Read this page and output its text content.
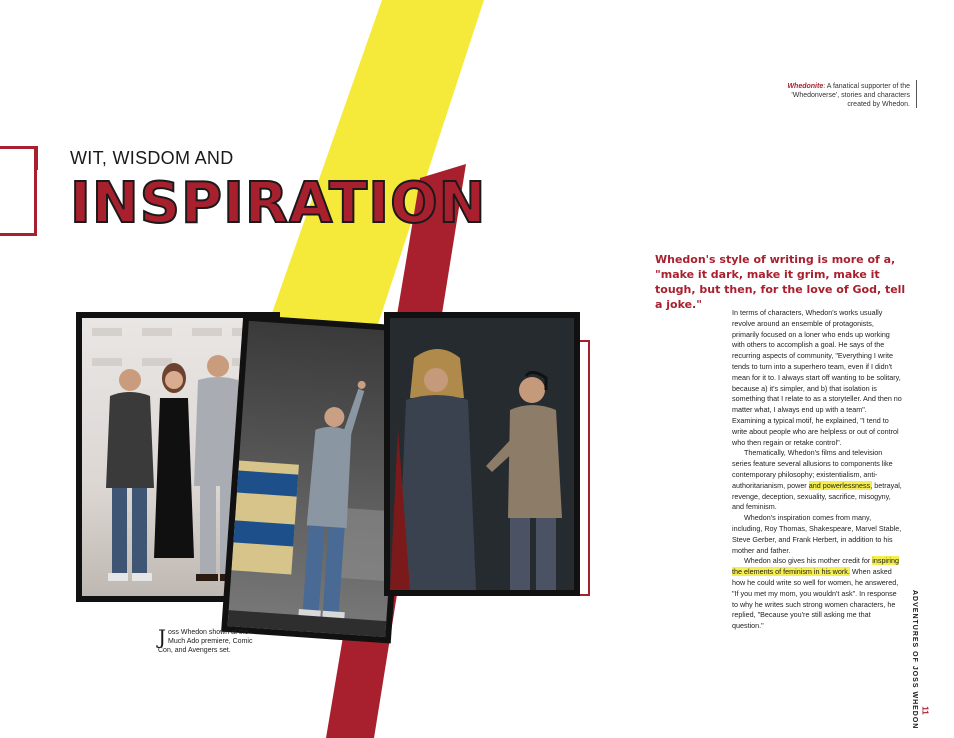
Whedonite: A fanatical supporter of the 'Whedonverse', stories and characters created by Whedon.
WIT, WISDOM AND
INSPIRATION
Whedon's style of writing is more of a, "make it dark, make it grim, make it tough, but then, for the love of God, tell a joke."
Joss Whedon shown at the Much Ado premiere, Comic Con, and Avengers set.

In terms of characters, Whedon's works usually revolve around an ensemble of protagonists, primarily focused on a loner who ends up working with others to accomplish a goal. He says of the recurring aspects of community, "Everything I write tends to turn into a superhero team, even if I didn't mean for it to. I always start off wanting to be solitary, because a) it's simpler, and b) that isolation is something that I relate to as a storyteller. And then no matter what, I always end up with a team". Examining a typical motif, he explained, "I tend to write about people who are helpless or out of control who then regain or retake control".

Thematically, Whedon's films and television series feature several allusions to components like contemporary philosophy; existentialism, anti-authoritarianism, power and powerlessness, betrayal, revenge, deception, sexuality, sacrifice, misogyny, and feminism.

Whedon's inspiration comes from many, including, Roy Thomas, Shakespeare, Marvel Stable, Steve Gerber, and Frank Herbert, in addition to his mother and father.

Whedon also gives his mother credit for inspiring the elements of feminism in his work. When asked how he could write so well for women, he answered, "If you met my mom, you wouldn't ask". In response to why he writes such strong women characters, he replied, "Because you're still asking me that question."	ADVENTURES OF JOSS WHEDON 11
